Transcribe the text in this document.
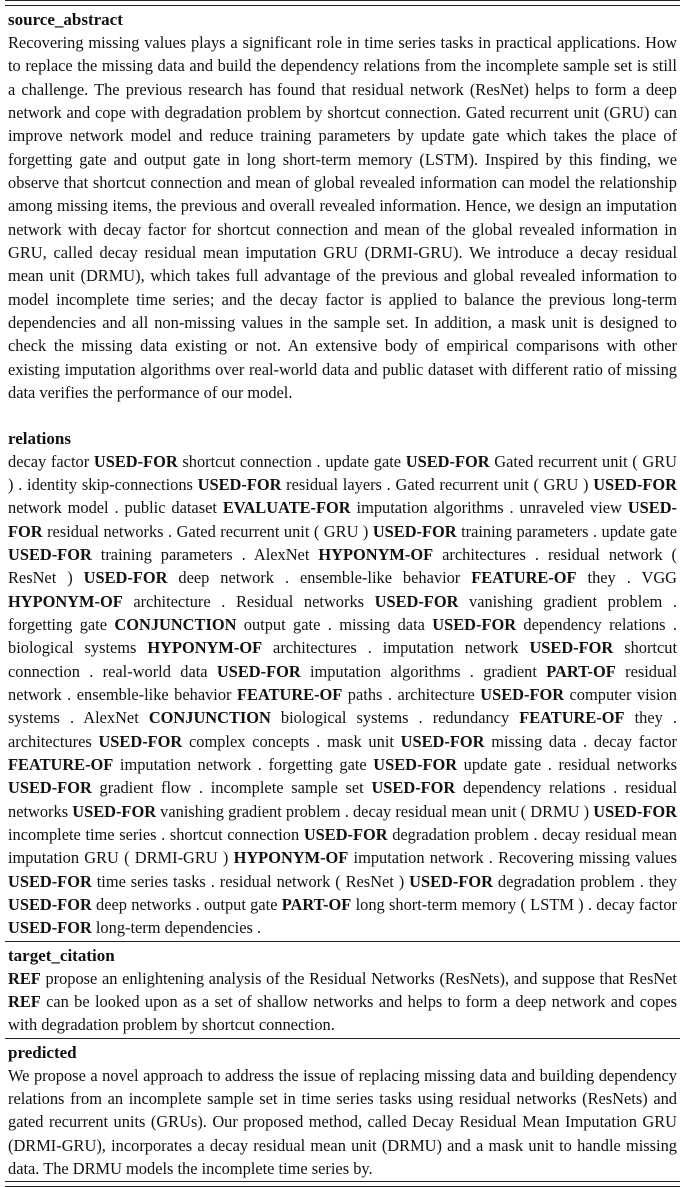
source_abstract
Recovering missing values plays a significant role in time series tasks in practical applications. How to replace the missing data and build the dependency relations from the incomplete sample set is still a challenge. The previous research has found that residual network (ResNet) helps to form a deep network and cope with degradation problem by shortcut connection. Gated recurrent unit (GRU) can improve network model and reduce training parameters by update gate which takes the place of forgetting gate and output gate in long short-term memory (LSTM). Inspired by this finding, we observe that shortcut connection and mean of global revealed information can model the relationship among missing items, the previous and overall revealed information. Hence, we design an imputation network with decay factor for shortcut connection and mean of the global revealed information in GRU, called decay residual mean imputation GRU (DRMI-GRU). We introduce a decay residual mean unit (DRMU), which takes full advantage of the previous and global revealed information to model incomplete time series; and the decay factor is applied to balance the previous long-term dependencies and all non-missing values in the sample set. In addition, a mask unit is designed to check the missing data existing or not. An extensive body of empirical comparisons with other existing imputation algorithms over real-world data and public dataset with different ratio of missing data verifies the performance of our model.
relations
decay factor USED-FOR shortcut connection . update gate USED-FOR Gated recurrent unit ( GRU ) . identity skip-connections USED-FOR residual layers . Gated recurrent unit ( GRU ) USED-FOR network model . public dataset EVALUATE-FOR imputation algorithms . unraveled view USED-FOR residual networks . Gated recurrent unit ( GRU ) USED-FOR training parameters . update gate USED-FOR training parameters . AlexNet HYPONYM-OF architectures . residual network ( ResNet ) USED-FOR deep network . ensemble-like behavior FEATURE-OF they . VGG HYPONYM-OF architecture . Residual networks USED-FOR vanishing gradient problem . forgetting gate CONJUNCTION output gate . missing data USED-FOR dependency relations . biological systems HYPONYM-OF architectures . imputation network USED-FOR shortcut connection . real-world data USED-FOR imputation algorithms . gradient PART-OF residual network . ensemble-like behavior FEATURE-OF paths . architecture USED-FOR computer vision systems . AlexNet CONJUNCTION biological systems . redundancy FEATURE-OF they . architectures USED-FOR complex concepts . mask unit USED-FOR missing data . decay factor FEATURE-OF imputation network . forgetting gate USED-FOR update gate . residual networks USED-FOR gradient flow . incomplete sample set USED-FOR dependency relations . residual networks USED-FOR vanishing gradient problem . decay residual mean unit ( DRMU ) USED-FOR incomplete time series . shortcut connection USED-FOR degradation problem . decay residual mean imputation GRU ( DRMI-GRU ) HYPONYM-OF imputation network . Recovering missing values USED-FOR time series tasks . residual network ( ResNet ) USED-FOR degradation problem . they USED-FOR deep networks . output gate PART-OF long short-term memory ( LSTM ) . decay factor USED-FOR long-term dependencies .
target_citation
REF propose an enlightening analysis of the Residual Networks (ResNets), and suppose that ResNet REF can be looked upon as a set of shallow networks and helps to form a deep network and copes with degradation problem by shortcut connection.
predicted
We propose a novel approach to address the issue of replacing missing data and building dependency relations from an incomplete sample set in time series tasks using residual networks (ResNets) and gated recurrent units (GRUs). Our proposed method, called Decay Residual Mean Imputation GRU (DRMI-GRU), incorporates a decay residual mean unit (DRMU) and a mask unit to handle missing data. The DRMU models the incomplete time series by.
